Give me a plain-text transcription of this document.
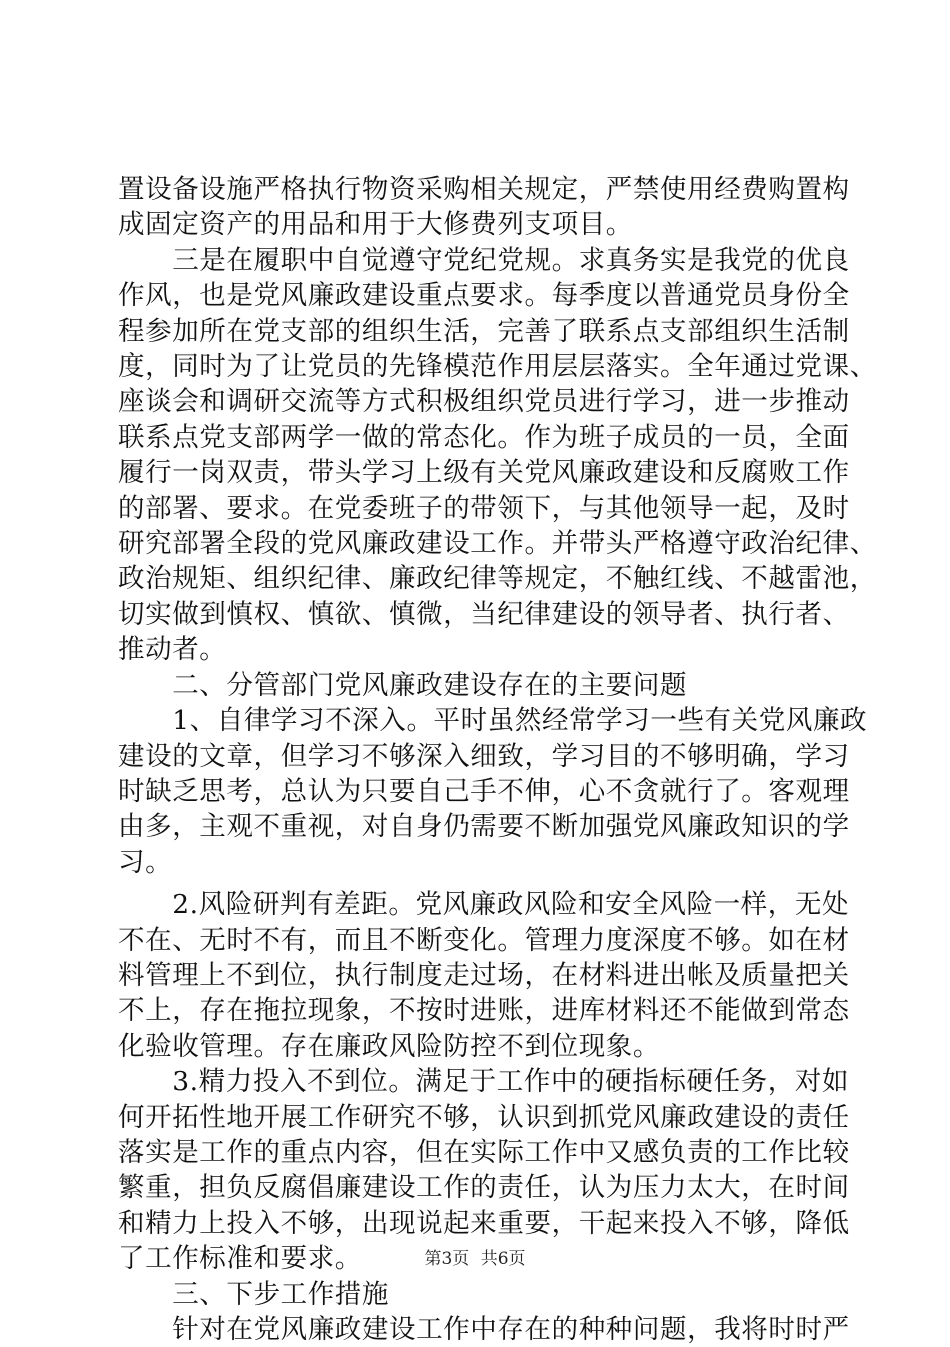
置设备设施严格执行物资采购相关规定，严禁使用经费购置构

成固定资产的用品和用于大修费列支项目。

　　三是在履职中自觉遵守党纪党规。求真务实是我党的优良

作风，也是党风廉政建设重点要求。每季度以普通党员身份全

程参加所在党支部的组织生活，完善了联系点支部组织生活制

度，同时为了让党员的先锋模范作用层层落实。全年通过党课、

座谈会和调研交流等方式积极组织党员进行学习，进一步推动

联系点党支部两学一做的常态化。作为班子成员的一员，全面

履行一岗双责，带头学习上级有关党风廉政建设和反腐败工作

的部署、要求。在党委班子的带领下，与其他领导一起，及时

研究部署全段的党风廉政建设工作。并带头严格遵守政治纪律、

政治规矩、组织纪律、廉政纪律等规定，不触红线、不越雷池，

切实做到慎权、慎欲、慎微，当纪律建设的领导者、执行者、

推动者。

　　二、分管部门党风廉政建设存在的主要问题

　　1、自律学习不深入。平时虽然经常学习一些有关党风廉政

建设的文章，但学习不够深入细致，学习目的不够明确，学习

时缺乏思考，总认为只要自己手不伸，心不贪就行了。客观理

由多，主观不重视，对自身仍需要不断加强党风廉政知识的学

习。

　　2.风险研判有差距。党风廉政风险和安全风险一样，无处

不在、无时不有，而且不断变化。管理力度深度不够。如在材

料管理上不到位，执行制度走过场，在材料进出帐及质量把关

不上，存在拖拉现象，不按时进账，进库材料还不能做到常态

化验收管理。存在廉政风险防控不到位现象。

　　3.精力投入不到位。满足于工作中的硬指标硬任务，对如

何开拓性地开展工作研究不够，认识到抓党风廉政建设的责任

落实是工作的重点内容，但在实际工作中又感负责的工作比较

繁重，担负反腐倡廉建设工作的责任，认为压力太大，在时间

和精力上投入不够，出现说起来重要，干起来投入不够，降低

了工作标准和要求。

　　三、下步工作措施

　　针对在党风廉政建设工作中存在的种种问题，我将时时严

第3页 共6页
